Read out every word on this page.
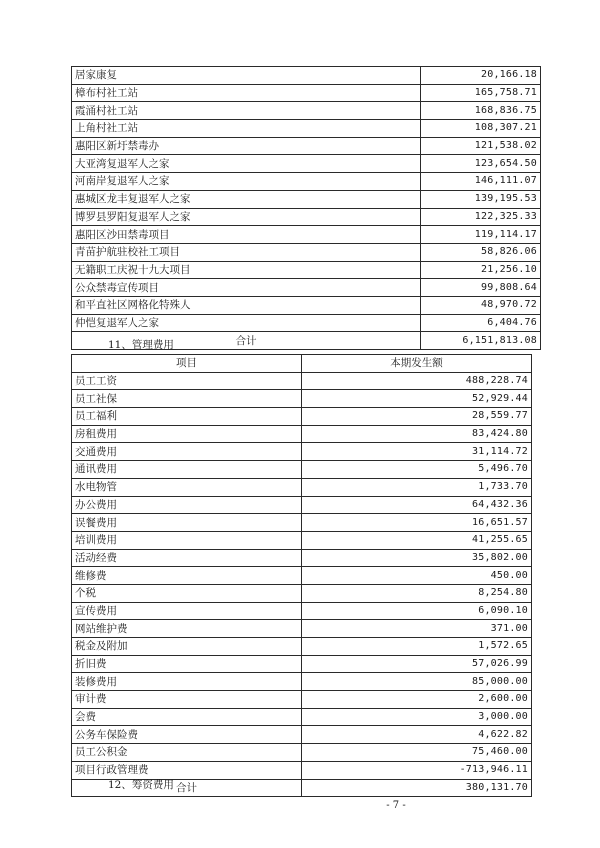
居家康复	20,166.18
樟布村社工站	165,758.71
霞涌村社工站	168,836.75
上角村社工站	108,307.21
惠阳区新圩禁毒办	121,538.02
大亚湾复退军人之家	123,654.50
河南岸复退军人之家	146,111.07
惠城区龙丰复退军人之家	139,195.53
博罗县罗阳复退军人之家	122,325.33
惠阳区沙田禁毒项目	119,114.17
青苗护航驻校社工项目	58,826.06
无籍职工庆祝十九大项目	21,256.10
公众禁毒宣传项目	99,808.64
和平直社区网格化特殊人	48,970.72
仲恺复退军人之家	6,404.76
合计	6,151,813.08
11、管理费用
项目	本期发生额
员工工资	488,228.74
员工社保	52,929.44
员工福利	28,559.77
房租费用	83,424.80
交通费用	31,114.72
通讯费用	5,496.70
水电物管	1,733.70
办公费用	64,432.36
误餐费用	16,651.57
培训费用	41,255.65
活动经费	35,802.00
维修费	450.00
个税	8,254.80
宣传费用	6,090.10
网站维护费	371.00
税金及附加	1,572.65
折旧费	57,026.99
装修费用	85,000.00
审计费	2,600.00
会费	3,000.00
公务车保险费	4,622.82
员工公积金	75,460.00
项目行政管理费	-713,946.11
合计	380,131.70
12、筹资费用
- 7 -
